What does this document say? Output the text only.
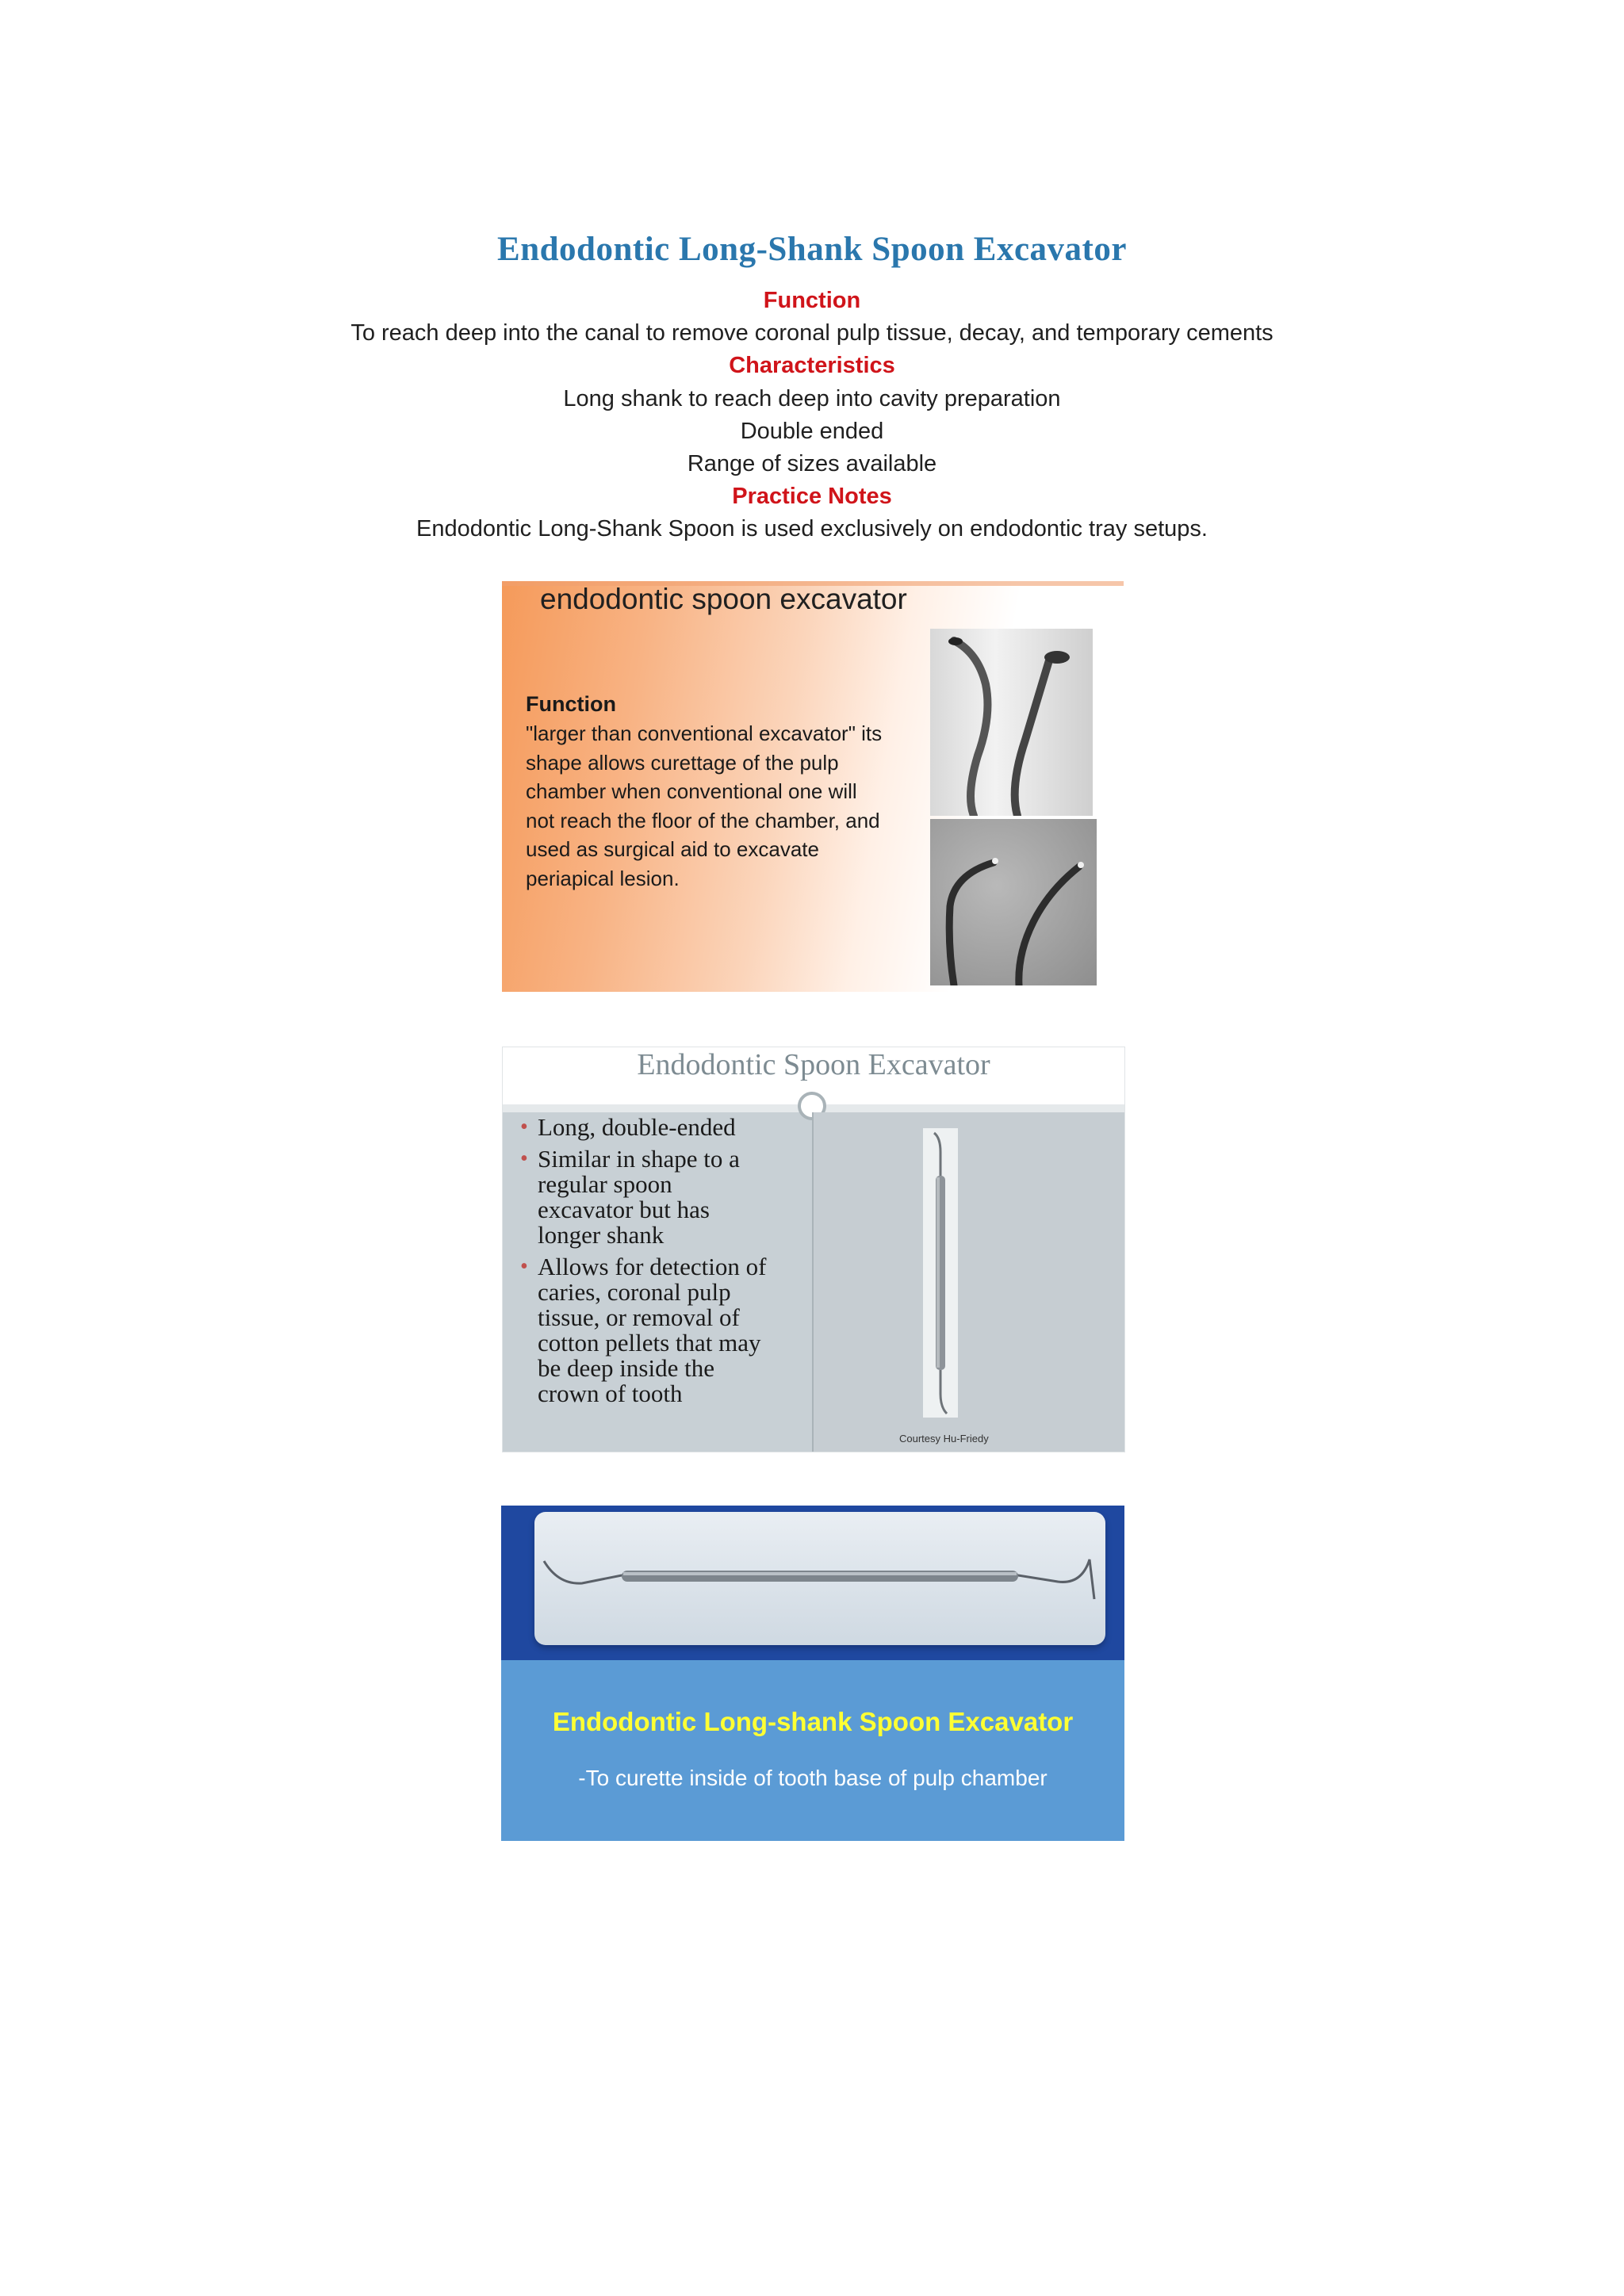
Endodontic Long-Shank Spoon Excavator
Function
To reach deep into the canal to remove coronal pulp tissue, decay, and temporary cements
Characteristics
Long shank to reach deep into cavity preparation
Double ended
Range of sizes available
Practice Notes
Endodontic Long-Shank Spoon is used exclusively on endodontic tray setups.
endodontic spoon excavator
Function
"larger than conventional excavator" its
shape allows curettage of the pulp
chamber when conventional one will
not reach the floor of the chamber, and
used as surgical aid to excavate
periapical lesion.
Endodontic Spoon Excavator
• Long, double-ended
• Similar in shape to a
regular spoon
excavator but has
longer shank
• Allows for detection of
caries, coronal pulp
tissue, or removal of
cotton pellets that may
be deep inside the
crown of tooth
Courtesy Hu-Friedy
Endodontic Long-shank Spoon Excavator
-To curette inside of tooth base of pulp chamber
